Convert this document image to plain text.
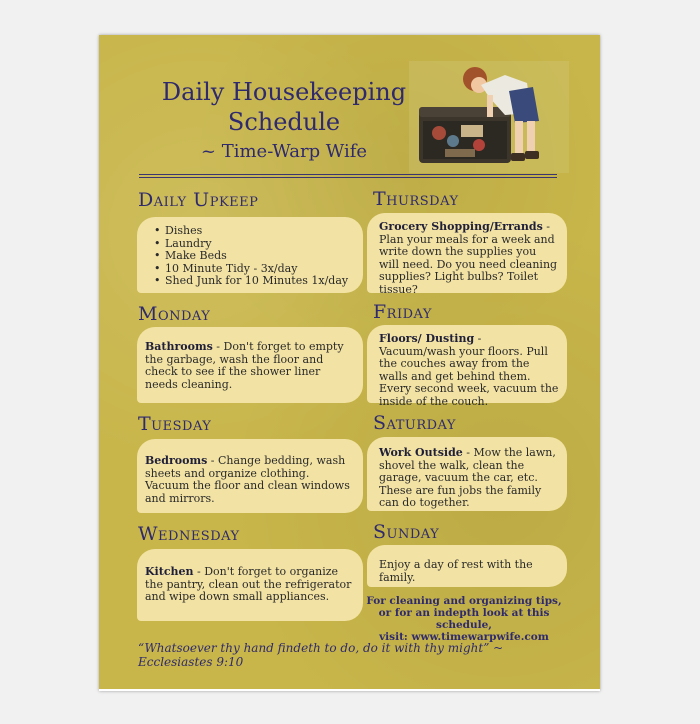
Daily Housekeeping
Schedule
~ Time-Warp Wife
Daily Upkeep
• Dishes
• Laundry
• Make Beds
• 10 Minute Tidy - 3x/day
• Shed Junk for 10 Minutes 1x/day
Monday
Bathrooms - Don't forget to empty the garbage, wash the floor and check to see if the shower liner needs cleaning.
Tuesday
Bedrooms - Change bedding, wash sheets and organize clothing. Vacuum the floor and clean windows and mirrors.
Wednesday
Kitchen - Don't forget to organize the pantry, clean out the refrigerator and wipe down small appliances.
Thursday
Grocery Shopping/Errands - Plan your meals for a week and write down the supplies you will need. Do you need cleaning supplies? Light bulbs? Toilet tissue?
Friday
Floors/ Dusting - Vacuum/wash your floors. Pull the couches away from the walls and get behind them. Every second week, vacuum the inside of the couch.
Saturday
Work Outside - Mow the lawn, shovel the walk, clean the garage, vacuum the car, etc. These are fun jobs the family can do together.
Sunday
Enjoy a day of rest with the family.
For cleaning and organizing tips,
or for an indepth look at this schedule,
visit: www.timewarpwife.com
“Whatsoever thy hand findeth to do, do it with thy might” ~ Ecclesiastes 9:10
